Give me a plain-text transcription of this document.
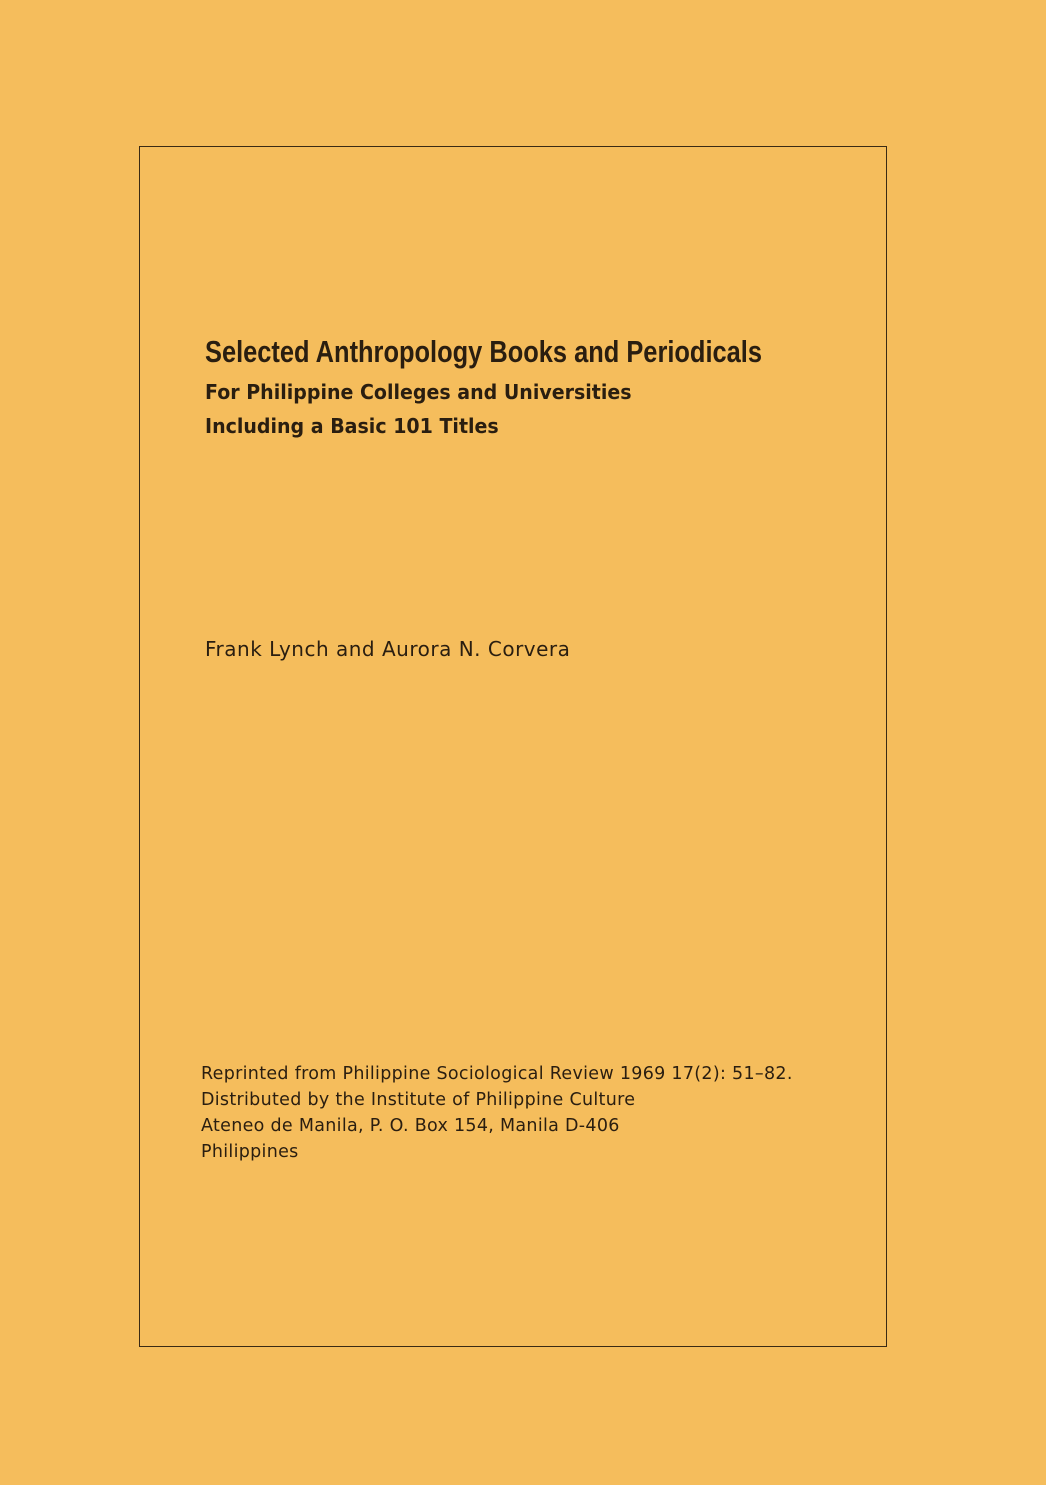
Selected Anthropology Books and Periodicals
For Philippine Colleges and Universities
Including a Basic 101 Titles
Frank Lynch and Aurora N. Corvera
Reprinted from Philippine Sociological Review 1969 17(2): 51–82.
Distributed by the Institute of Philippine Culture
Ateneo de Manila, P. O. Box 154, Manila D-406
Philippines
